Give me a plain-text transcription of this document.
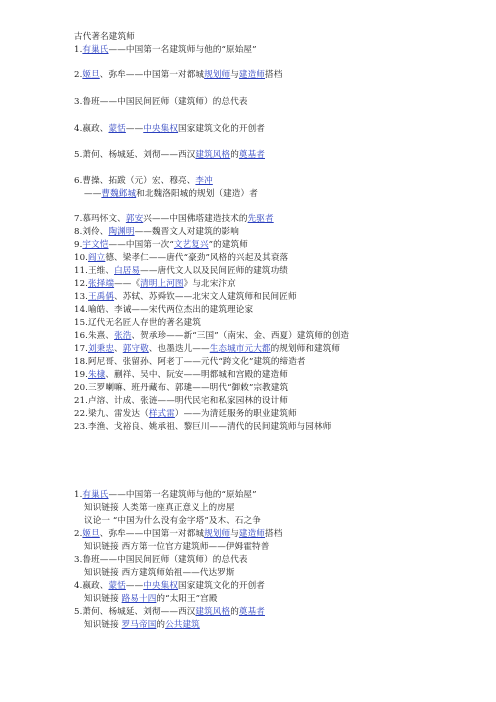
古代著名建筑师
1.有巢氏——中国第一名建筑师与他的“原始屋”
2.姬旦、弥牟——中国第一对都城规划师与建造师搭档
3.鲁班——中国民间匠师（建筑师）的总代表
4.嬴政、蒙恬——中央集权国家建筑文化的开创者
5.萧何、杨城延、刘彻——西汉建筑风格的奠基者
6.曹操、拓跋（元）宏、穆亮、李冲
——曹魏邺城和北魏洛阳城的规划（建造）者
7.慕玛怀文、郭安兴——中国佛塔建造技术的先驱者
8.刘伶、陶渊明——魏晋文人对建筑的影响
9.宇文恺——中国第一次“文艺复兴”的建筑师
10.阎立德、梁孝仁——唐代“豪劲”风格的兴起及其衰落
11.王维、白居易——唐代文人以及民间匠师的建筑功绩
12.张择端——《清明上河图》与北宋汴京
13.王禹偁、苏轼、苏舜钦——北宋文人建筑师和民间匠师
14.喻皓、李诫——宋代两位杰出的建筑理论家
15.辽代无名匠人存世的著名建筑
16.朱熹、张浩、贺承珍——新“三国”（南宋、金、西夏）建筑师的创造
17.刘秉忠、郭守敬、也墨迭儿——生态城市元大都的规划师和建筑师
18.阿尼哥、张留孙、阿老丁——元代“跨文化”建筑的缔造者
19.朱棣、蒯祥、吴中、阮安——明都城和宫殿的建造师
20.三罗喇嘛、班丹藏布、郭璡——明代“御敕”宗教建筑
21.卢溶、计成、张涟——明代民宅和私家园林的设计师
22.梁九、雷发达（样式雷）——为清廷服务的职业建筑师
23.李渔、戈裕良、姚承祖、黎巨川——清代的民间建筑师与园林师
1.有巢氏——中国第一名建筑师与他的“原始屋”
知识链接 人类第一座真正意义上的房屋
议论一 “中国为什么没有金字塔”及木、石之争
2.姬旦、弥牟——中国第一对都城规划师与建造师搭档
知识链接 西方第一位官方建筑师——伊姆霍特普
3.鲁班——中国民间匠师（建筑师）的总代表
知识链接 西方建筑师始祖——代达罗斯
4.嬴政、蒙恬——中央集权国家建筑文化的开创者
知识链接 路易十四的“太阳王”宫殿
5.萧何、杨城延、刘彻——西汉建筑风格的奠基者
知识链接 罗马帝国的公共建筑
